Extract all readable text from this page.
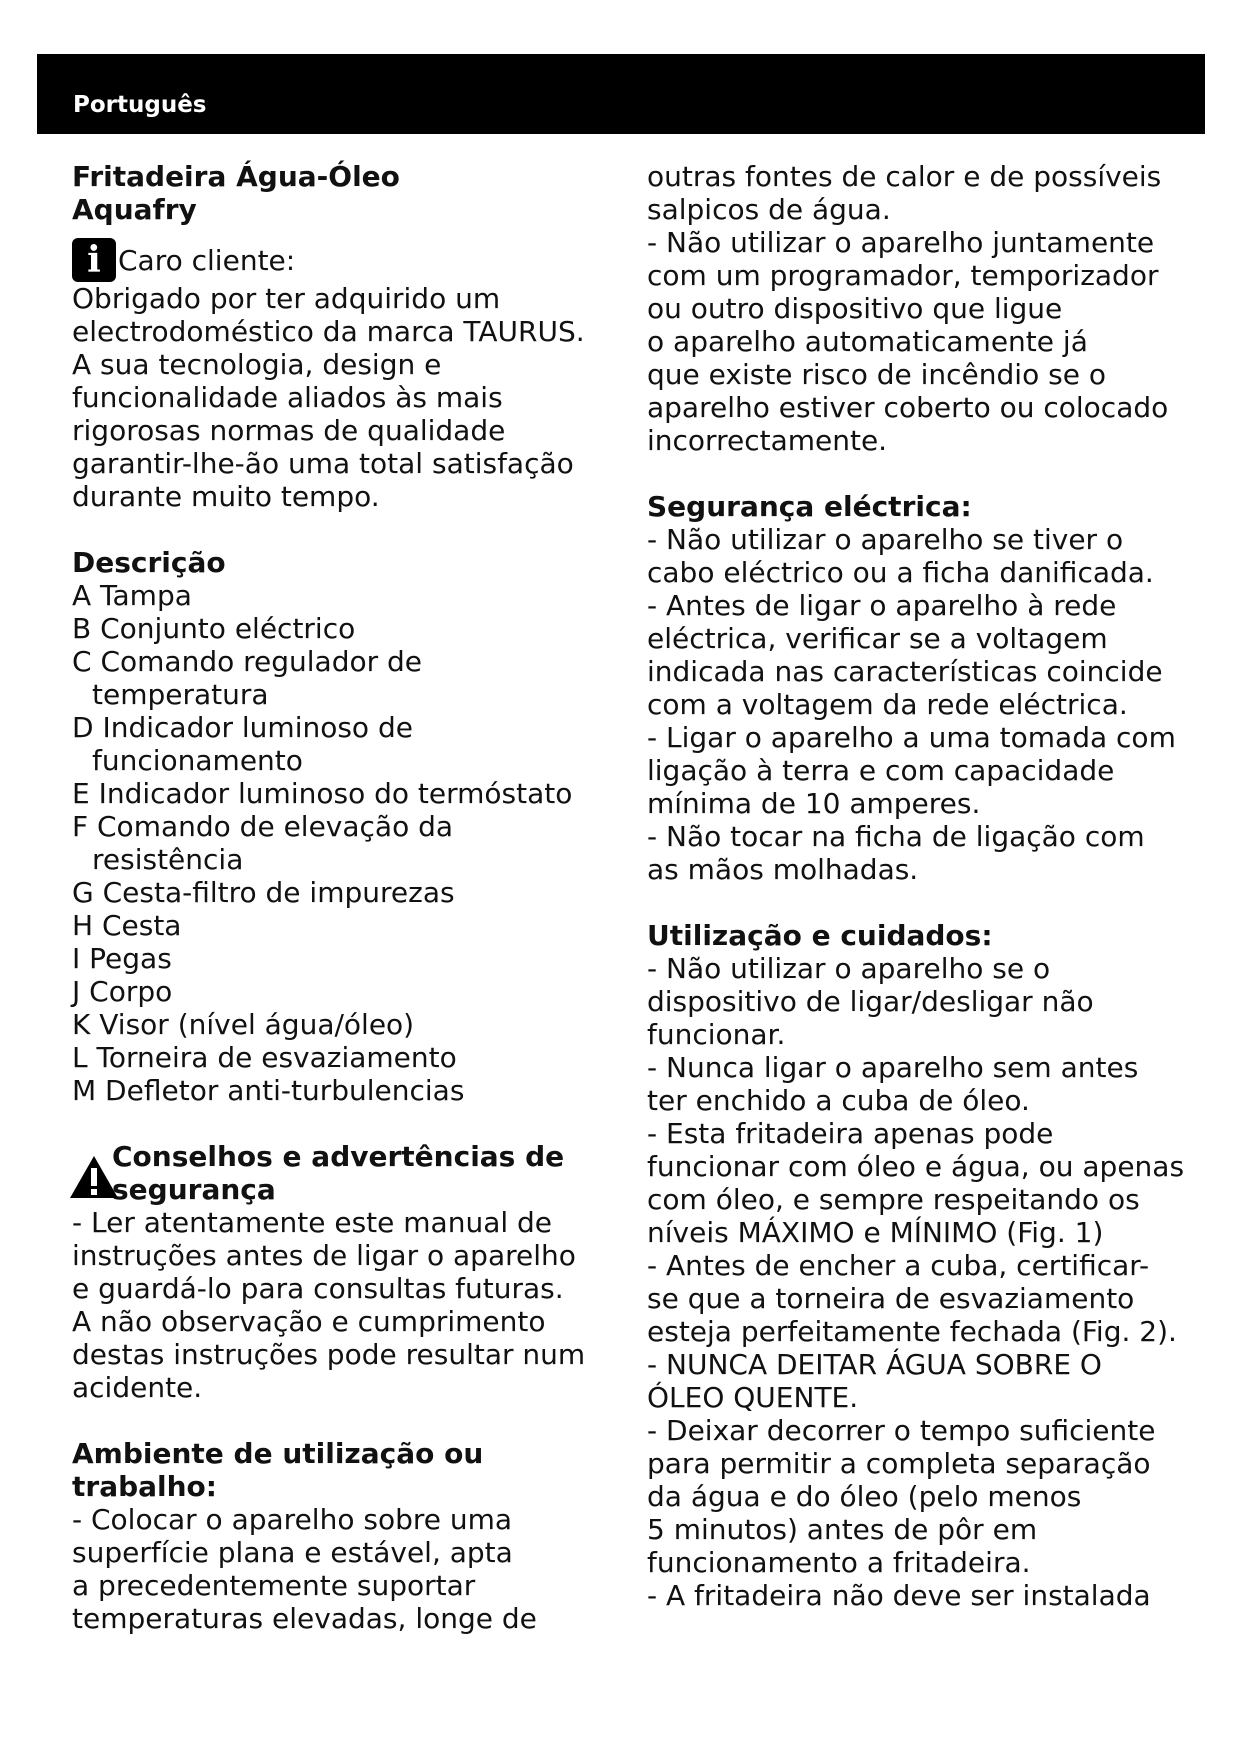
Português

Fritadeira Água-Óleo

Aquafry

i Caro cliente:

Obrigado por ter adquirido um

electrodoméstico da marca TAURUS.

A sua tecnologia, design e

funcionalidade aliados às mais

rigorosas normas de qualidade

garantir-lhe-ão uma total satisfação

durante muito tempo.

Descrição

A Tampa

B Conjunto eléctrico

C Comando regulador de

temperatura

D Indicador luminoso de

funcionamento

E Indicador luminoso do termóstato

F Comando de elevação da

resistência

G Cesta-filtro de impurezas

H Cesta

I Pegas

J Corpo

K Visor (nível água/óleo)

L Torneira de esvaziamento

M Defletor anti-turbulencias

Conselhos e advertências de

segurança

- Ler atentamente este manual de

instruções antes de ligar o aparelho

e guardá-lo para consultas futuras.

A não observação e cumprimento

destas instruções pode resultar num

acidente.

Ambiente de utilização ou trabalho:

- Colocar o aparelho sobre uma

superfície plana e estável, apta

a precedentemente suportar

temperaturas elevadas, longe de

outras fontes de calor e de possíveis

salpicos de água.

- Não utilizar o aparelho juntamente

com um programador, temporizador

ou outro dispositivo que ligue

o aparelho automaticamente já

que existe risco de incêndio se o

aparelho estiver coberto ou colocado

incorrectamente.

Segurança eléctrica:

- Não utilizar o aparelho se tiver o

cabo eléctrico ou a ficha danificada.

- Antes de ligar o aparelho à rede

eléctrica, verificar se a voltagem

indicada nas características coincide

com a voltagem da rede eléctrica.

- Ligar o aparelho a uma tomada com

ligação à terra e com capacidade

mínima de 10 amperes.

- Não tocar na ficha de ligação com

as mãos molhadas.

Utilização e cuidados:

- Não utilizar o aparelho se o

dispositivo de ligar/desligar não

funcionar.

- Nunca ligar o aparelho sem antes

ter enchido a cuba de óleo.

- Esta fritadeira apenas pode

funcionar com óleo e água, ou apenas

com óleo, e sempre respeitando os

níveis MÁXIMO e MÍNIMO (Fig. 1)

- Antes de encher a cuba, certificar-

se que a torneira de esvaziamento

esteja perfeitamente fechada (Fig. 2).

- NUNCA DEITAR ÁGUA SOBRE O

ÓLEO QUENTE.

- Deixar decorrer o tempo suficiente

para permitir a completa separação

da água e do óleo (pelo menos

5 minutos) antes de pôr em

funcionamento a fritadeira.

- A fritadeira não deve ser instalada
